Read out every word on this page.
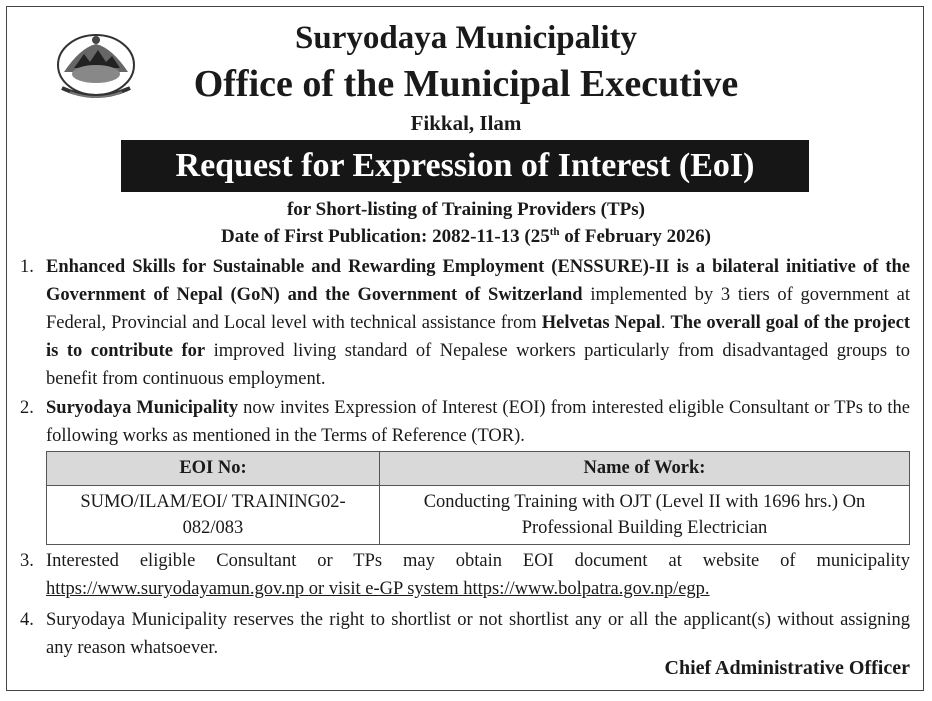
Suryodaya Municipality
Office of the Municipal Executive
Fikkal, Ilam
Request for Expression of Interest (EoI)
for Short-listing of Training Providers (TPs)
Date of First Publication: 2082-11-13 (25th of February 2026)
1. Enhanced Skills for Sustainable and Rewarding Employment (ENSSURE)-II is a bilateral initiative of the Government of Nepal (GoN) and the Government of Switzerland implemented by 3 tiers of government at Federal, Provincial and Local level with technical assistance from Helvetas Nepal. The overall goal of the project is to contribute for improved living standard of Nepalese workers particularly from disadvantaged groups to benefit from continuous employment.
2. Suryodaya Municipality now invites Expression of Interest (EOI) from interested eligible Consultant or TPs to the following works as mentioned in the Terms of Reference (TOR).
EOI No:	Name of Work:
SUMO/ILAM/EOI/ TRAINING02-082/083	Conducting Training with OJT (Level II with 1696 hrs.) On Professional Building Electrician
3. Interested eligible Consultant or TPs may obtain EOI document at website of municipality https://www.suryodayamun.gov.np or visit e-GP system https://www.bolpatra.gov.np/egp.
4. Suryodaya Municipality reserves the right to shortlist or not shortlist any or all the applicant(s) without assigning any reason whatsoever.
Chief Administrative Officer
